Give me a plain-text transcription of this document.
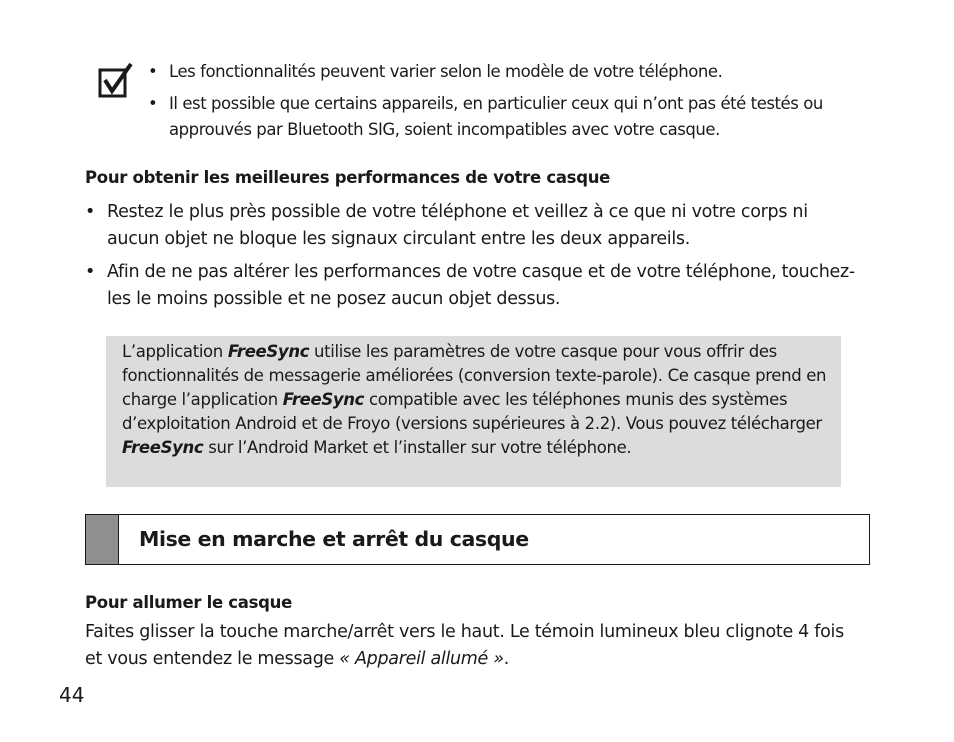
• Les fonctionnalités peuvent varier selon le modèle de votre téléphone.
• Il est possible que certains appareils, en particulier ceux qui n’ont pas été testés ou approuvés par Bluetooth SIG, soient incompatibles avec votre casque.
Pour obtenir les meilleures performances de votre casque
• Restez le plus près possible de votre téléphone et veillez à ce que ni votre corps ni aucun objet ne bloque les signaux circulant entre les deux appareils.
• Afin de ne pas altérer les performances de votre casque et de votre téléphone, touchez-les le moins possible et ne posez aucun objet dessus.
L’application FreeSync utilise les paramètres de votre casque pour vous offrir des fonctionnalités de messagerie améliorées (conversion texte-parole). Ce casque prend en charge l’application FreeSync compatible avec les téléphones munis des systèmes d’exploitation Android et de Froyo (versions supérieures à 2.2). Vous pouvez télécharger FreeSync sur l’Android Market et l’installer sur votre téléphone.
Mise en marche et arrêt du casque
Pour allumer le casque

Faites glisser la touche marche/arrêt vers le haut. Le témoin lumineux bleu clignote 4 fois et vous entendez le message « Appareil allumé ».

44
